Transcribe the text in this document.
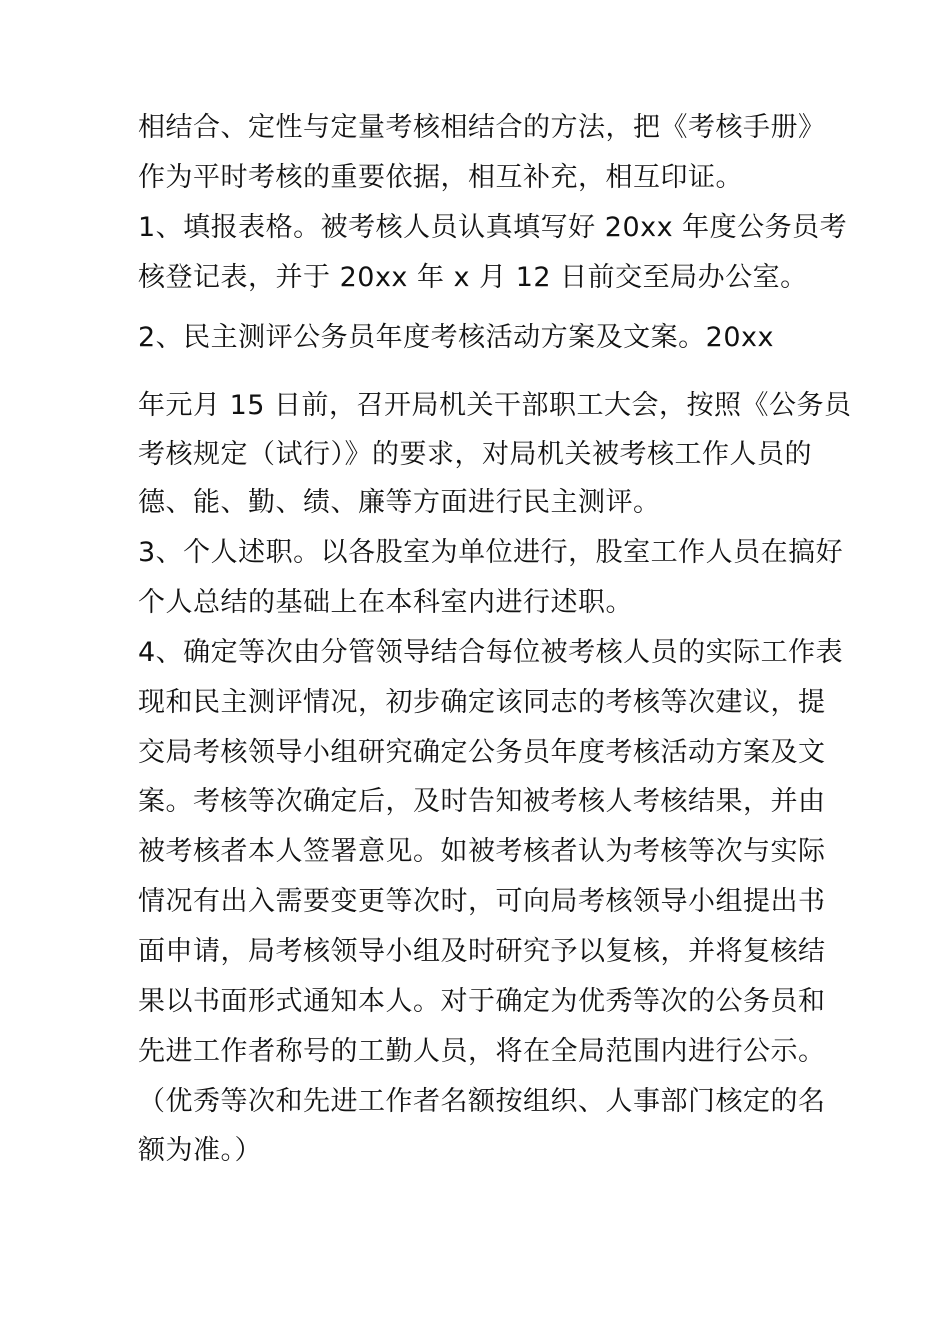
相结合、定性与定量考核相结合的方法，把《考核手册》
作为平时考核的重要依据，相互补充，相互印证。
1、填报表格。被考核人员认真填写好 20xx 年度公务员考
核登记表，并于 20xx 年 x 月 12 日前交至局办公室。
2、民主测评公务员年度考核活动方案及文案。20xx
年元月 15 日前，召开局机关干部职工大会，按照《公务员
考核规定（试行）》的要求，对局机关被考核工作人员的
德、能、勤、绩、廉等方面进行民主测评。
3、个人述职。以各股室为单位进行，股室工作人员在搞好
个人总结的基础上在本科室内进行述职。
4、确定等次由分管领导结合每位被考核人员的实际工作表
现和民主测评情况，初步确定该同志的考核等次建议，提
交局考核领导小组研究确定公务员年度考核活动方案及文
案。考核等次确定后，及时告知被考核人考核结果，并由
被考核者本人签署意见。如被考核者认为考核等次与实际
情况有出入需要变更等次时，可向局考核领导小组提出书
面申请，局考核领导小组及时研究予以复核，并将复核结
果以书面形式通知本人。对于确定为优秀等次的公务员和
先进工作者称号的工勤人员，将在全局范围内进行公示。
（优秀等次和先进工作者名额按组织、人事部门核定的名
额为准。）
